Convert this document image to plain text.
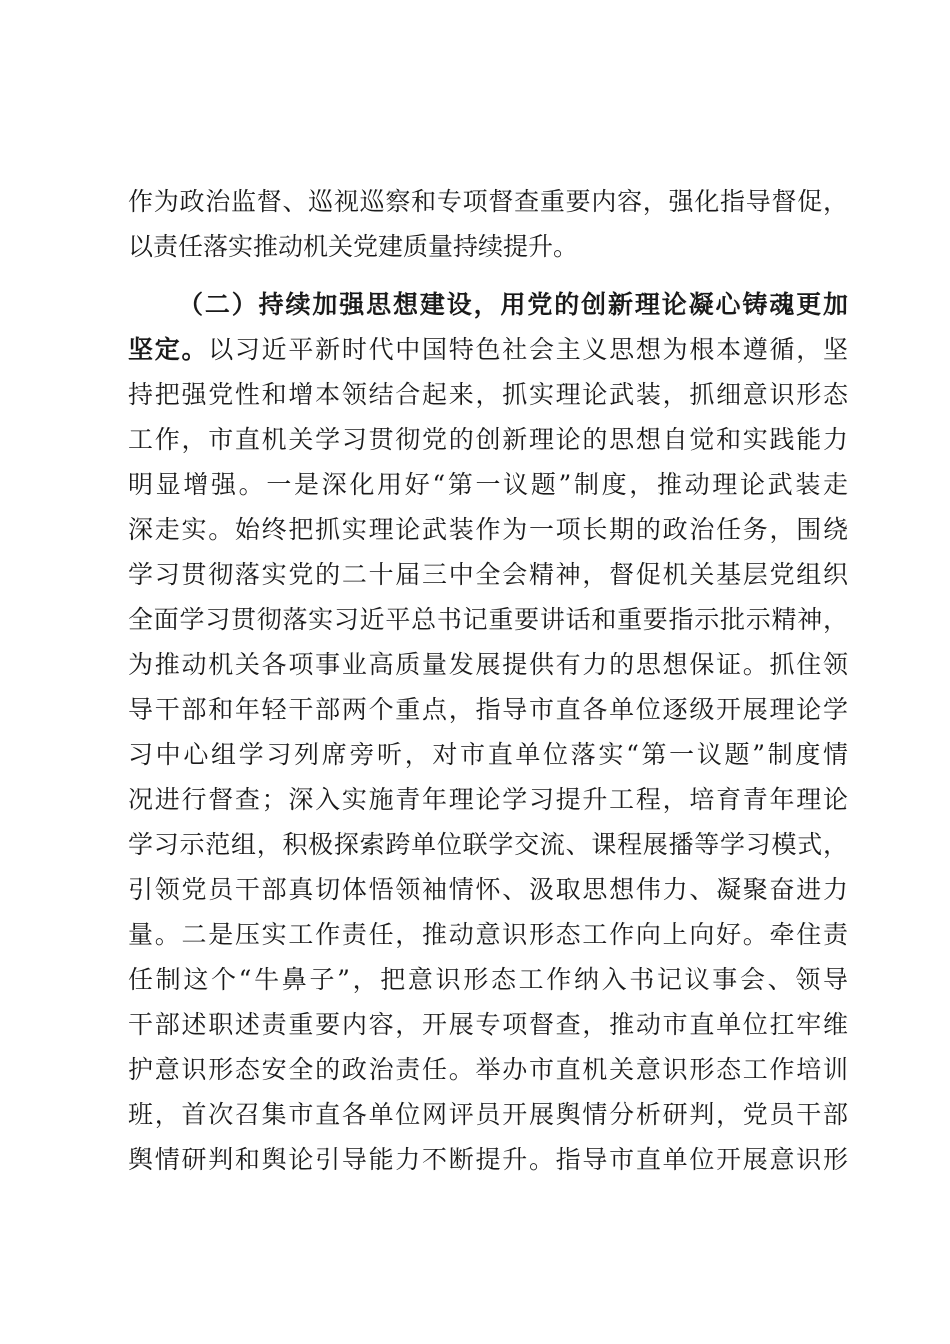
作为政治监督、巡视巡察和专项督查重要内容，强化指导督促，
以责任落实推动机关党建质量持续提升。
（二）持续加强思想建设，用党的创新理论凝心铸魂更加
坚定。以习近平新时代中国特色社会主义思想为根本遵循，坚
持把强党性和增本领结合起来，抓实理论武装，抓细意识形态
工作，市直机关学习贯彻党的创新理论的思想自觉和实践能力
明显增强。一是深化用好“第一议题”制度，推动理论武装走
深走实。始终把抓实理论武装作为一项长期的政治任务，围绕
学习贯彻落实党的二十届三中全会精神，督促机关基层党组织
全面学习贯彻落实习近平总书记重要讲话和重要指示批示精神，
为推动机关各项事业高质量发展提供有力的思想保证。抓住领
导干部和年轻干部两个重点，指导市直各单位逐级开展理论学
习中心组学习列席旁听，对市直单位落实“第一议题”制度情
况进行督查；深入实施青年理论学习提升工程，培育青年理论
学习示范组，积极探索跨单位联学交流、课程展播等学习模式，
引领党员干部真切体悟领袖情怀、汲取思想伟力、凝聚奋进力
量。二是压实工作责任，推动意识形态工作向上向好。牵住责
任制这个“牛鼻子”，把意识形态工作纳入书记议事会、领导
干部述职述责重要内容，开展专项督查，推动市直单位扛牢维
护意识形态安全的政治责任。举办市直机关意识形态工作培训
班，首次召集市直各单位网评员开展舆情分析研判，党员干部
舆情研判和舆论引导能力不断提升。指导市直单位开展意识形
